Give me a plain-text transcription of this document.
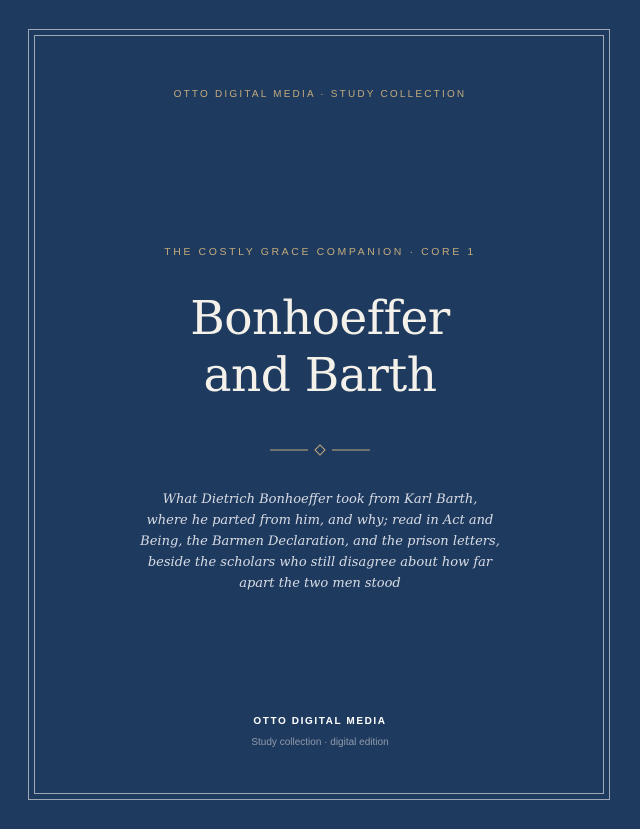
OTTO DIGITAL MEDIA · STUDY COLLECTION
THE COSTLY GRACE COMPANION · CORE 1
Bonhoeffer
and Barth

What Dietrich Bonhoeffer took from Karl Barth, where he parted from him, and why; read in Act and Being, the Barmen Declaration, and the prison letters, beside the scholars who still disagree about how far apart the two men stood

OTTO DIGITAL MEDIA
Study collection · digital edition
